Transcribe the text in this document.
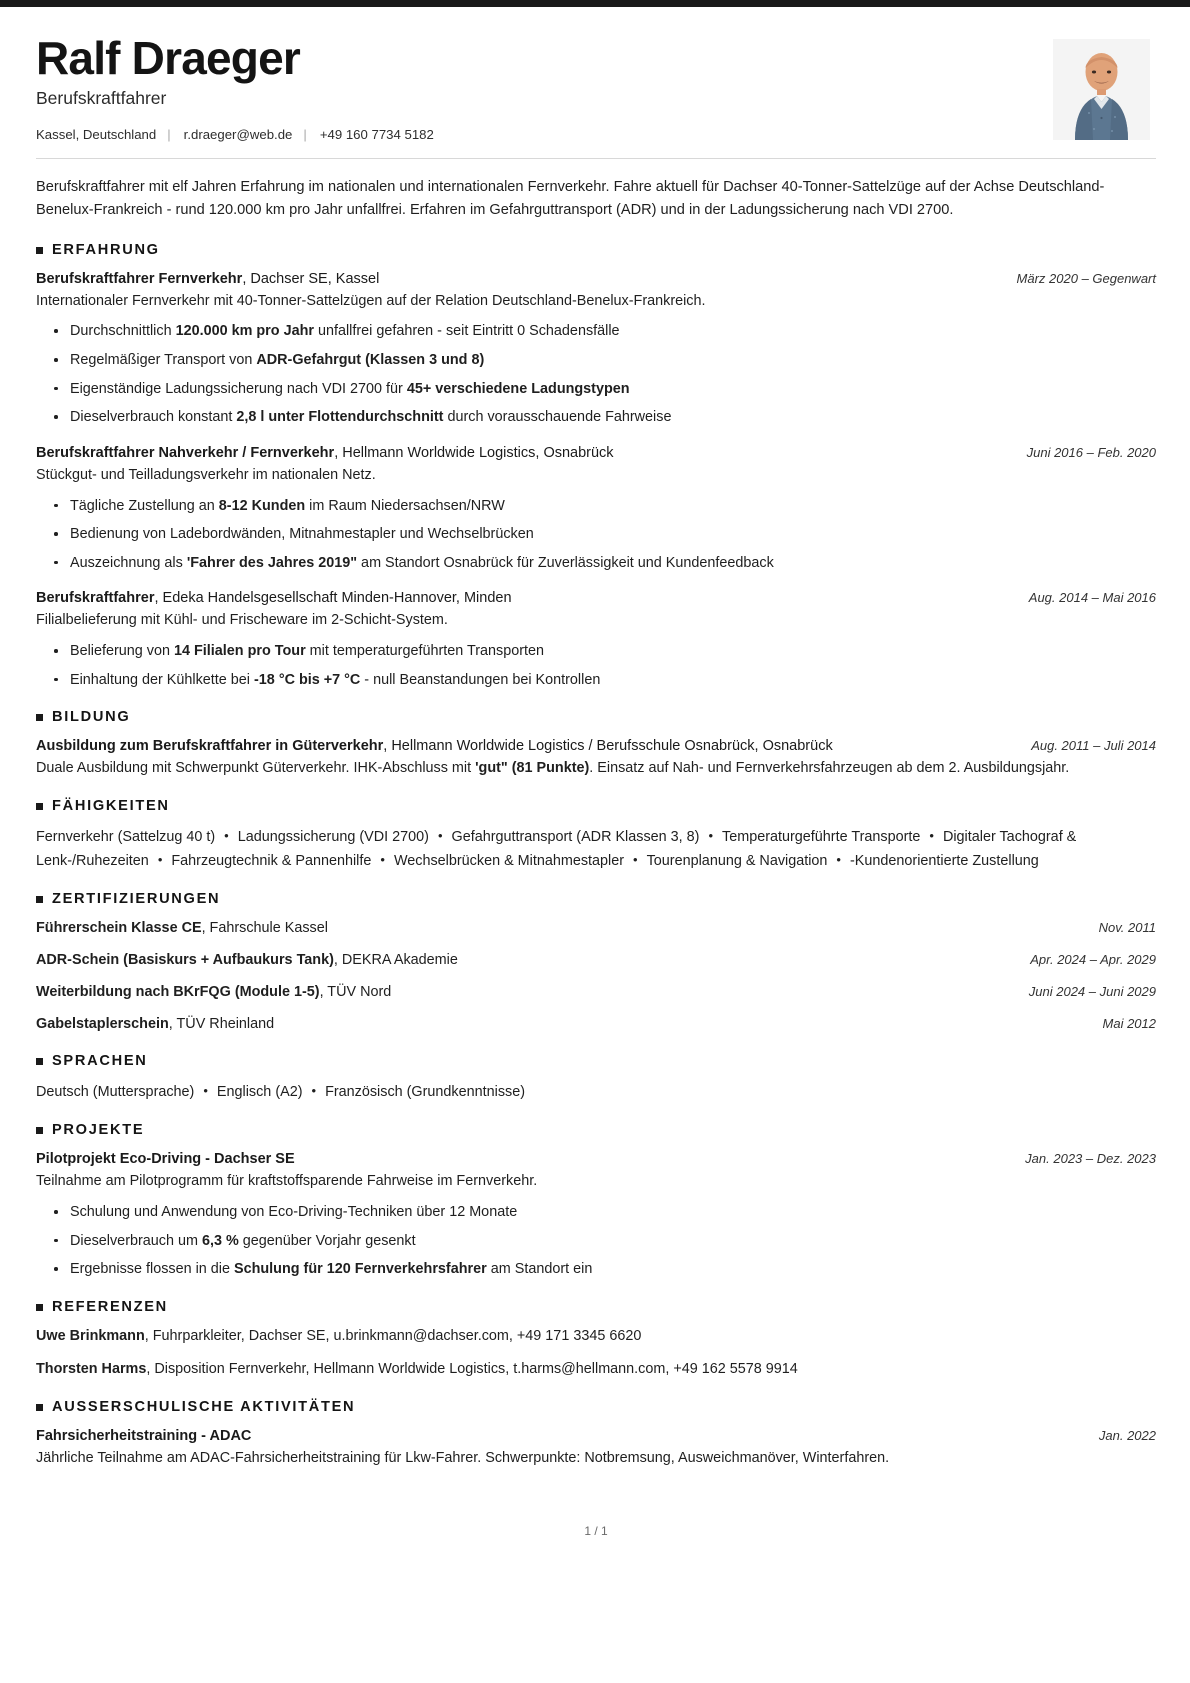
Ralf Draeger
Berufskraftfahrer
Kassel, Deutschland | r.draeger@web.de | +49 160 7734 5182

Berufskraftfahrer mit elf Jahren Erfahrung im nationalen und internationalen Fernverkehr. Fahre aktuell für Dachser 40-Tonner-Sattelzüge auf der Achse Deutschland-Benelux-Frankreich - rund 120.000 km pro Jahr unfallfrei. Erfahren im Gefahrguttransport (ADR) und in der Ladungssicherung nach VDI 2700.

ERFAHRUNG
Berufskraftfahrer Fernverkehr, Dachser SE, Kassel	März 2020 – Gegenwart
Internationaler Fernverkehr mit 40-Tonner-Sattelzügen auf der Relation Deutschland-Benelux-Frankreich.
Durchschnittlich 120.000 km pro Jahr unfallfrei gefahren - seit Eintritt 0 Schadensfälle
Regelmäßiger Transport von ADR-Gefahrgut (Klassen 3 und 8)
Eigenständige Ladungssicherung nach VDI 2700 für 45+ verschiedene Ladungstypen
Dieselverbrauch konstant 2,8 l unter Flottendurchschnitt durch vorausschauende Fahrweise
Berufskraftfahrer Nahverkehr / Fernverkehr, Hellmann Worldwide Logistics, Osnabrück	Juni 2016 – Feb. 2020
Stückgut- und Teilladungsverkehr im nationalen Netz.
Tägliche Zustellung an 8-12 Kunden im Raum Niedersachsen/NRW
Bedienung von Ladebordwänden, Mitnahmestapler und Wechselbrücken
Auszeichnung als 'Fahrer des Jahres 2019" am Standort Osnabrück für Zuverlässigkeit und Kundenfeedback
Berufskraftfahrer, Edeka Handelsgesellschaft Minden-Hannover, Minden	Aug. 2014 – Mai 2016
Filialbelieferung mit Kühl- und Frischeware im 2-Schicht-System.
Belieferung von 14 Filialen pro Tour mit temperaturgeführten Transporten
Einhaltung der Kühlkette bei -18 °C bis +7 °C - null Beanstandungen bei Kontrollen
BILDUNG
Ausbildung zum Berufskraftfahrer in Güterverkehr, Hellmann Worldwide Logistics / Berufsschule Osnabrück, Osnabrück	Aug. 2011 – Juli 2014
Duale Ausbildung mit Schwerpunkt Güterverkehr. IHK-Abschluss mit 'gut" (81 Punkte). Einsatz auf Nah- und Fernverkehrsfahrzeugen ab dem 2. Ausbildungsjahr.
FÄHIGKEITEN
Fernverkehr (Sattelzug 40 t) • Ladungssicherung (VDI 2700) • Gefahrguttransport (ADR Klassen 3, 8) • Temperaturgeführte Transporte • Digitaler Tachograf & Lenk-/Ruhezeiten • Fahrzeugtechnik & Pannenhilfe • Wechselbrücken & Mitnahmestapler • Tourenplanung & Navigation • -Kundenorientierte Zustellung
ZERTIFIZIERUNGEN
Führerschein Klasse CE, Fahrschule Kassel	Nov. 2011
ADR-Schein (Basiskurs + Aufbaukurs Tank), DEKRA Akademie	Apr. 2024 – Apr. 2029
Weiterbildung nach BKrFQG (Module 1-5), TÜV Nord	Juni 2024 – Juni 2029
Gabelstaplerschein, TÜV Rheinland	Mai 2012
SPRACHEN
Deutsch (Muttersprache) • Englisch (A2) • Französisch (Grundkenntnisse)
PROJEKTE
Pilotprojekt Eco-Driving - Dachser SE	Jan. 2023 – Dez. 2023
Teilnahme am Pilotprogramm für kraftstoffsparende Fahrweise im Fernverkehr.
Schulung und Anwendung von Eco-Driving-Techniken über 12 Monate
Dieselverbrauch um 6,3 % gegenüber Vorjahr gesenkt
Ergebnisse flossen in die Schulung für 120 Fernverkehrsfahrer am Standort ein
REFERENZEN
Uwe Brinkmann, Fuhrparkleiter, Dachser SE, u.brinkmann@dachser.com, +49 171 3345 6620
Thorsten Harms, Disposition Fernverkehr, Hellmann Worldwide Logistics, t.harms@hellmann.com, +49 162 5578 9914
AUSSERSCHULISCHE AKTIVITÄTEN
Fahrsicherheitstraining - ADAC	Jan. 2022
Jährliche Teilnahme am ADAC-Fahrsicherheitstraining für Lkw-Fahrer. Schwerpunkte: Notbremsung, Ausweichmanöver, Winterfahren.
1 / 1
